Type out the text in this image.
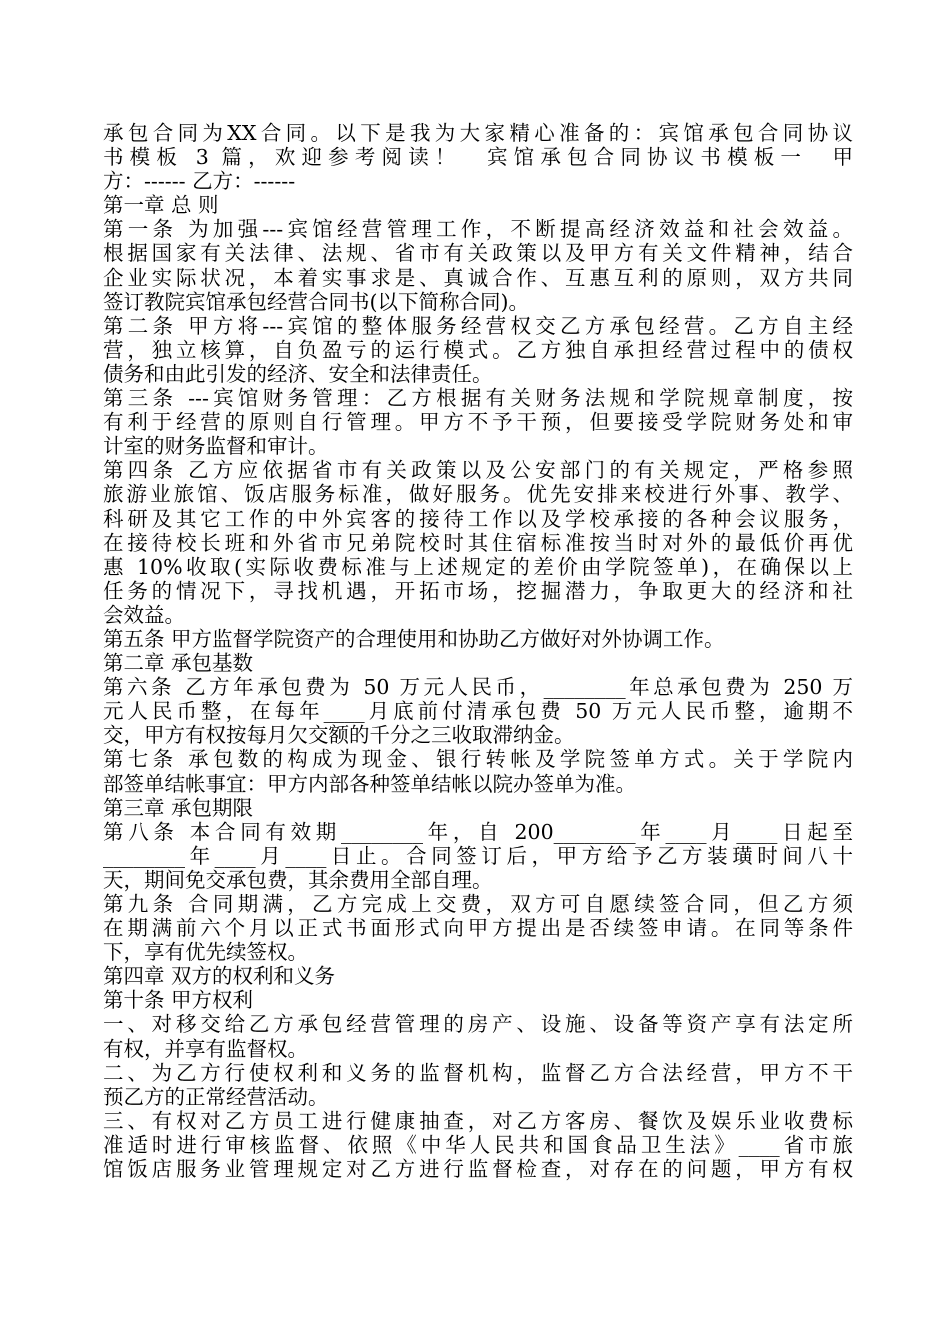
承包合同为XX合同。以下是我为大家精心准备的：宾馆承包合同协议
书模板 3 篇，欢迎参考阅读！  宾馆承包合同协议书模板一  甲
方：------ 乙方：------
第一章 总 则
第一条 为加强---宾馆经营管理工作，不断提高经济效益和社会效益。
根据国家有关法律、法规、省市有关政策以及甲方有关文件精神，结合
企业实际状况，本着实事求是、真诚合作、互惠互利的原则，双方共同
签订教院宾馆承包经营合同书(以下简称合同)。
第二条 甲方将---宾馆的整体服务经营权交乙方承包经营。乙方自主经
营，独立核算，自负盈亏的运行模式。乙方独自承担经营过程中的债权
债务和由此引发的经济、安全和法律责任。
第三条 ---宾馆财务管理：乙方根据有关财务法规和学院规章制度，按
有利于经营的原则自行管理。甲方不予干预，但要接受学院财务处和审
计室的财务监督和审计。
第四条 乙方应依据省市有关政策以及公安部门的有关规定，严格参照
旅游业旅馆、饭店服务标准，做好服务。优先安排来校进行外事、教学、
科研及其它工作的中外宾客的接待工作以及学校承接的各种会议服务，
在接待校长班和外省市兄弟院校时其住宿标准按当时对外的最低价再优
惠 10%收取(实际收费标准与上述规定的差价由学院签单)，在确保以上
任务的情况下，寻找机遇，开拓市场，挖掘潜力，争取更大的经济和社
会效益。
第五条 甲方监督学院资产的合理使用和协助乙方做好对外协调工作。
第二章 承包基数
第六条 乙方年承包费为 50 万元人民币，________年总承包费为 250 万
元人民币整，在每年____月底前付清承包费 50 万元人民币整，逾期不
交，甲方有权按每月欠交额的千分之三收取滞纳金。
第七条 承包数的构成为现金、银行转帐及学院签单方式。关于学院内
部签单结帐事宜：甲方内部各种签单结帐以院办签单为准。
第三章 承包期限
第八条 本合同有效期________年，自 200________年____月____日起至
________年____月____日止。合同签订后，甲方给予乙方装璜时间八十
天，期间免交承包费，其余费用全部自理。
第九条 合同期满，乙方完成上交费，双方可自愿续签合同，但乙方须
在期满前六个月以正式书面形式向甲方提出是否续签申请。在同等条件
下，享有优先续签权。
第四章 双方的权利和义务
第十条 甲方权利
一、对移交给乙方承包经营管理的房产、设施、设备等资产享有法定所
有权，并享有监督权。
二、为乙方行使权利和义务的监督机构，监督乙方合法经营，甲方不干
预乙方的正常经营活动。
三、有权对乙方员工进行健康抽查，对乙方客房、餐饮及娱乐业收费标
准适时进行审核监督、依照《中华人民共和国食品卫生法》____省市旅
馆饭店服务业管理规定对乙方进行监督检查，对存在的问题，甲方有权
